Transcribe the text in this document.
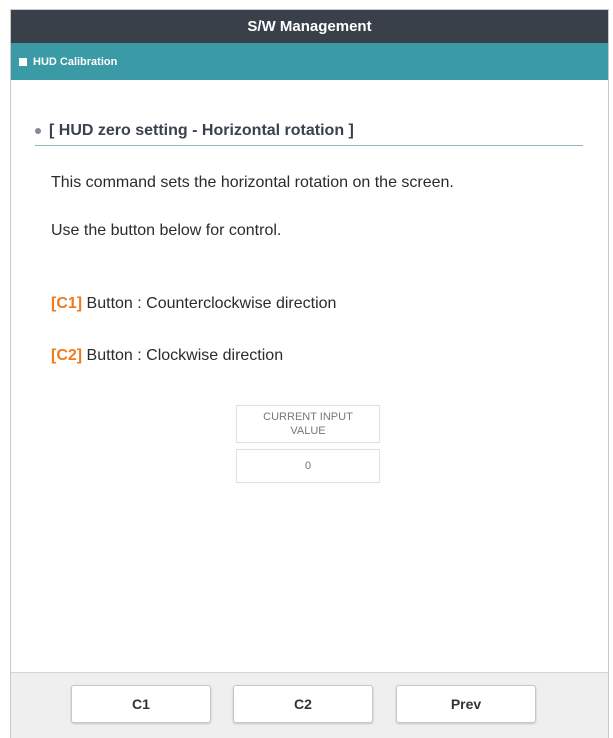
S/W Management
HUD Calibration
[ HUD zero setting - Horizontal rotation ]
This command sets the horizontal rotation on the screen.
Use the button below for control.
[C1] Button : Counterclockwise direction
[C2] Button : Clockwise direction
CURRENT INPUT VALUE
0
C1	C2	Prev
